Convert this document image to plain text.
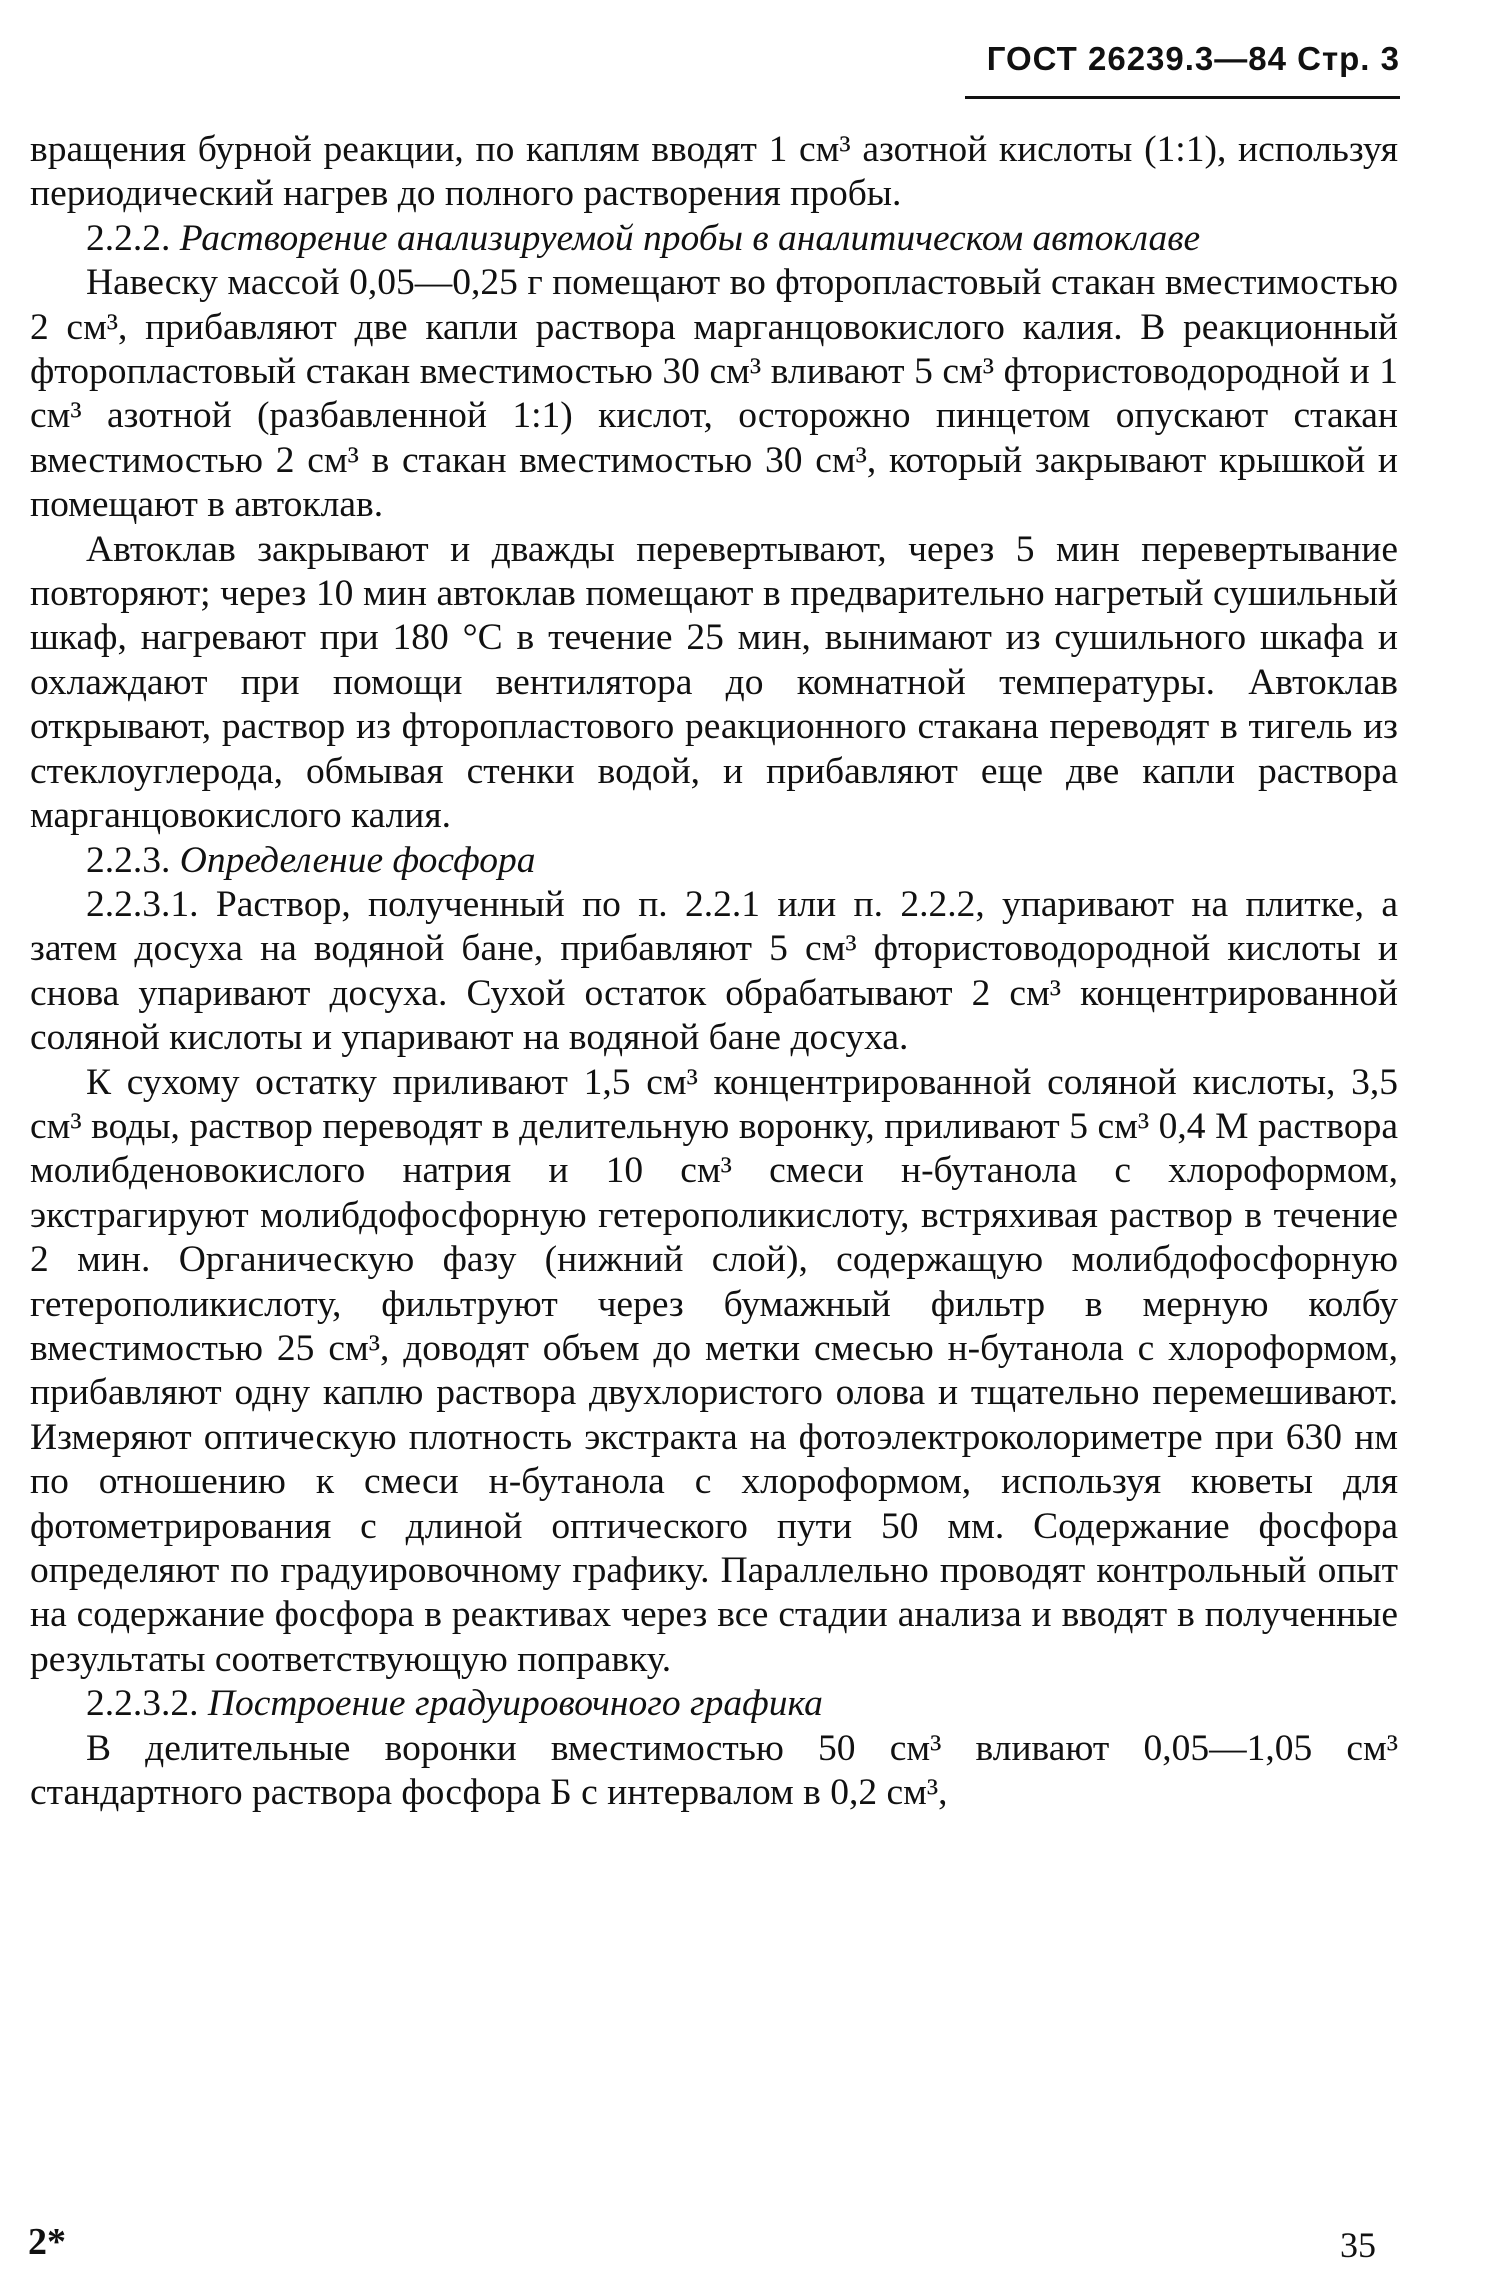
ГОСТ 26239.3—84 Стр. 3

вращения бурной реакции, по каплям вводят 1 см³ азотной кислоты (1:1), используя периодический нагрев до полного растворения пробы.

2.2.2. Растворение анализируемой пробы в аналитическом автоклаве

Навеску массой 0,05—0,25 г помещают во фторопластовый стакан вместимостью 2 см³, прибавляют две капли раствора марганцовокислого калия. В реакционный фторопластовый стакан вместимостью 30 см³ вливают 5 см³ фтористоводородной и 1 см³ азотной (разбавленной 1:1) кислот, осторожно пинцетом опускают стакан вместимостью 2 см³ в стакан вместимостью 30 см³, который закрывают крышкой и помещают в автоклав.

Автоклав закрывают и дважды перевертывают, через 5 мин перевертывание повторяют; через 10 мин автоклав помещают в предварительно нагретый сушильный шкаф, нагревают при 180 °С в течение 25 мин, вынимают из сушильного шкафа и охлаждают при помощи вентилятора до комнатной температуры. Автоклав открывают, раствор из фторопластового реакционного стакана переводят в тигель из стеклоуглерода, обмывая стенки водой, и прибавляют еще две капли раствора марганцовокислого калия.

2.2.3. Определение фосфора

2.2.3.1. Раствор, полученный по п. 2.2.1 или п. 2.2.2, упаривают на плитке, а затем досуха на водяной бане, прибавляют 5 см³ фтористоводородной кислоты и снова упаривают досуха. Сухой остаток обрабатывают 2 см³ концентрированной соляной кислоты и упаривают на водяной бане досуха.

К сухому остатку приливают 1,5 см³ концентрированной соляной кислоты, 3,5 см³ воды, раствор переводят в делительную воронку, приливают 5 см³ 0,4 М раствора молибденовокислого натрия и 10 см³ смеси н-бутанола с хлороформом, экстрагируют молибдофосфорную гетерополикислоту, встряхивая раствор в течение 2 мин. Органическую фазу (нижний слой), содержащую молибдофосфорную гетерополикислоту, фильтруют через бумажный фильтр в мерную колбу вместимостью 25 см³, доводят объем до метки смесью н-бутанола с хлороформом, прибавляют одну каплю раствора двухлористого олова и тщательно перемешивают. Измеряют оптическую плотность экстракта на фотоэлектроколориметре при 630 нм по отношению к смеси н-бутанола с хлороформом, используя кюветы для фотометрирования с длиной оптического пути 50 мм. Содержание фосфора определяют по градуировочному графику. Параллельно проводят контрольный опыт на содержание фосфора в реактивах через все стадии анализа и вводят в полученные результаты соответствующую поправку.

2.2.3.2. Построение градуировочного графика

В делительные воронки вместимостью 50 см³ вливают 0,05—1,05 см³ стандартного раствора фосфора Б с интервалом в 0,2 см³,

2*	35
